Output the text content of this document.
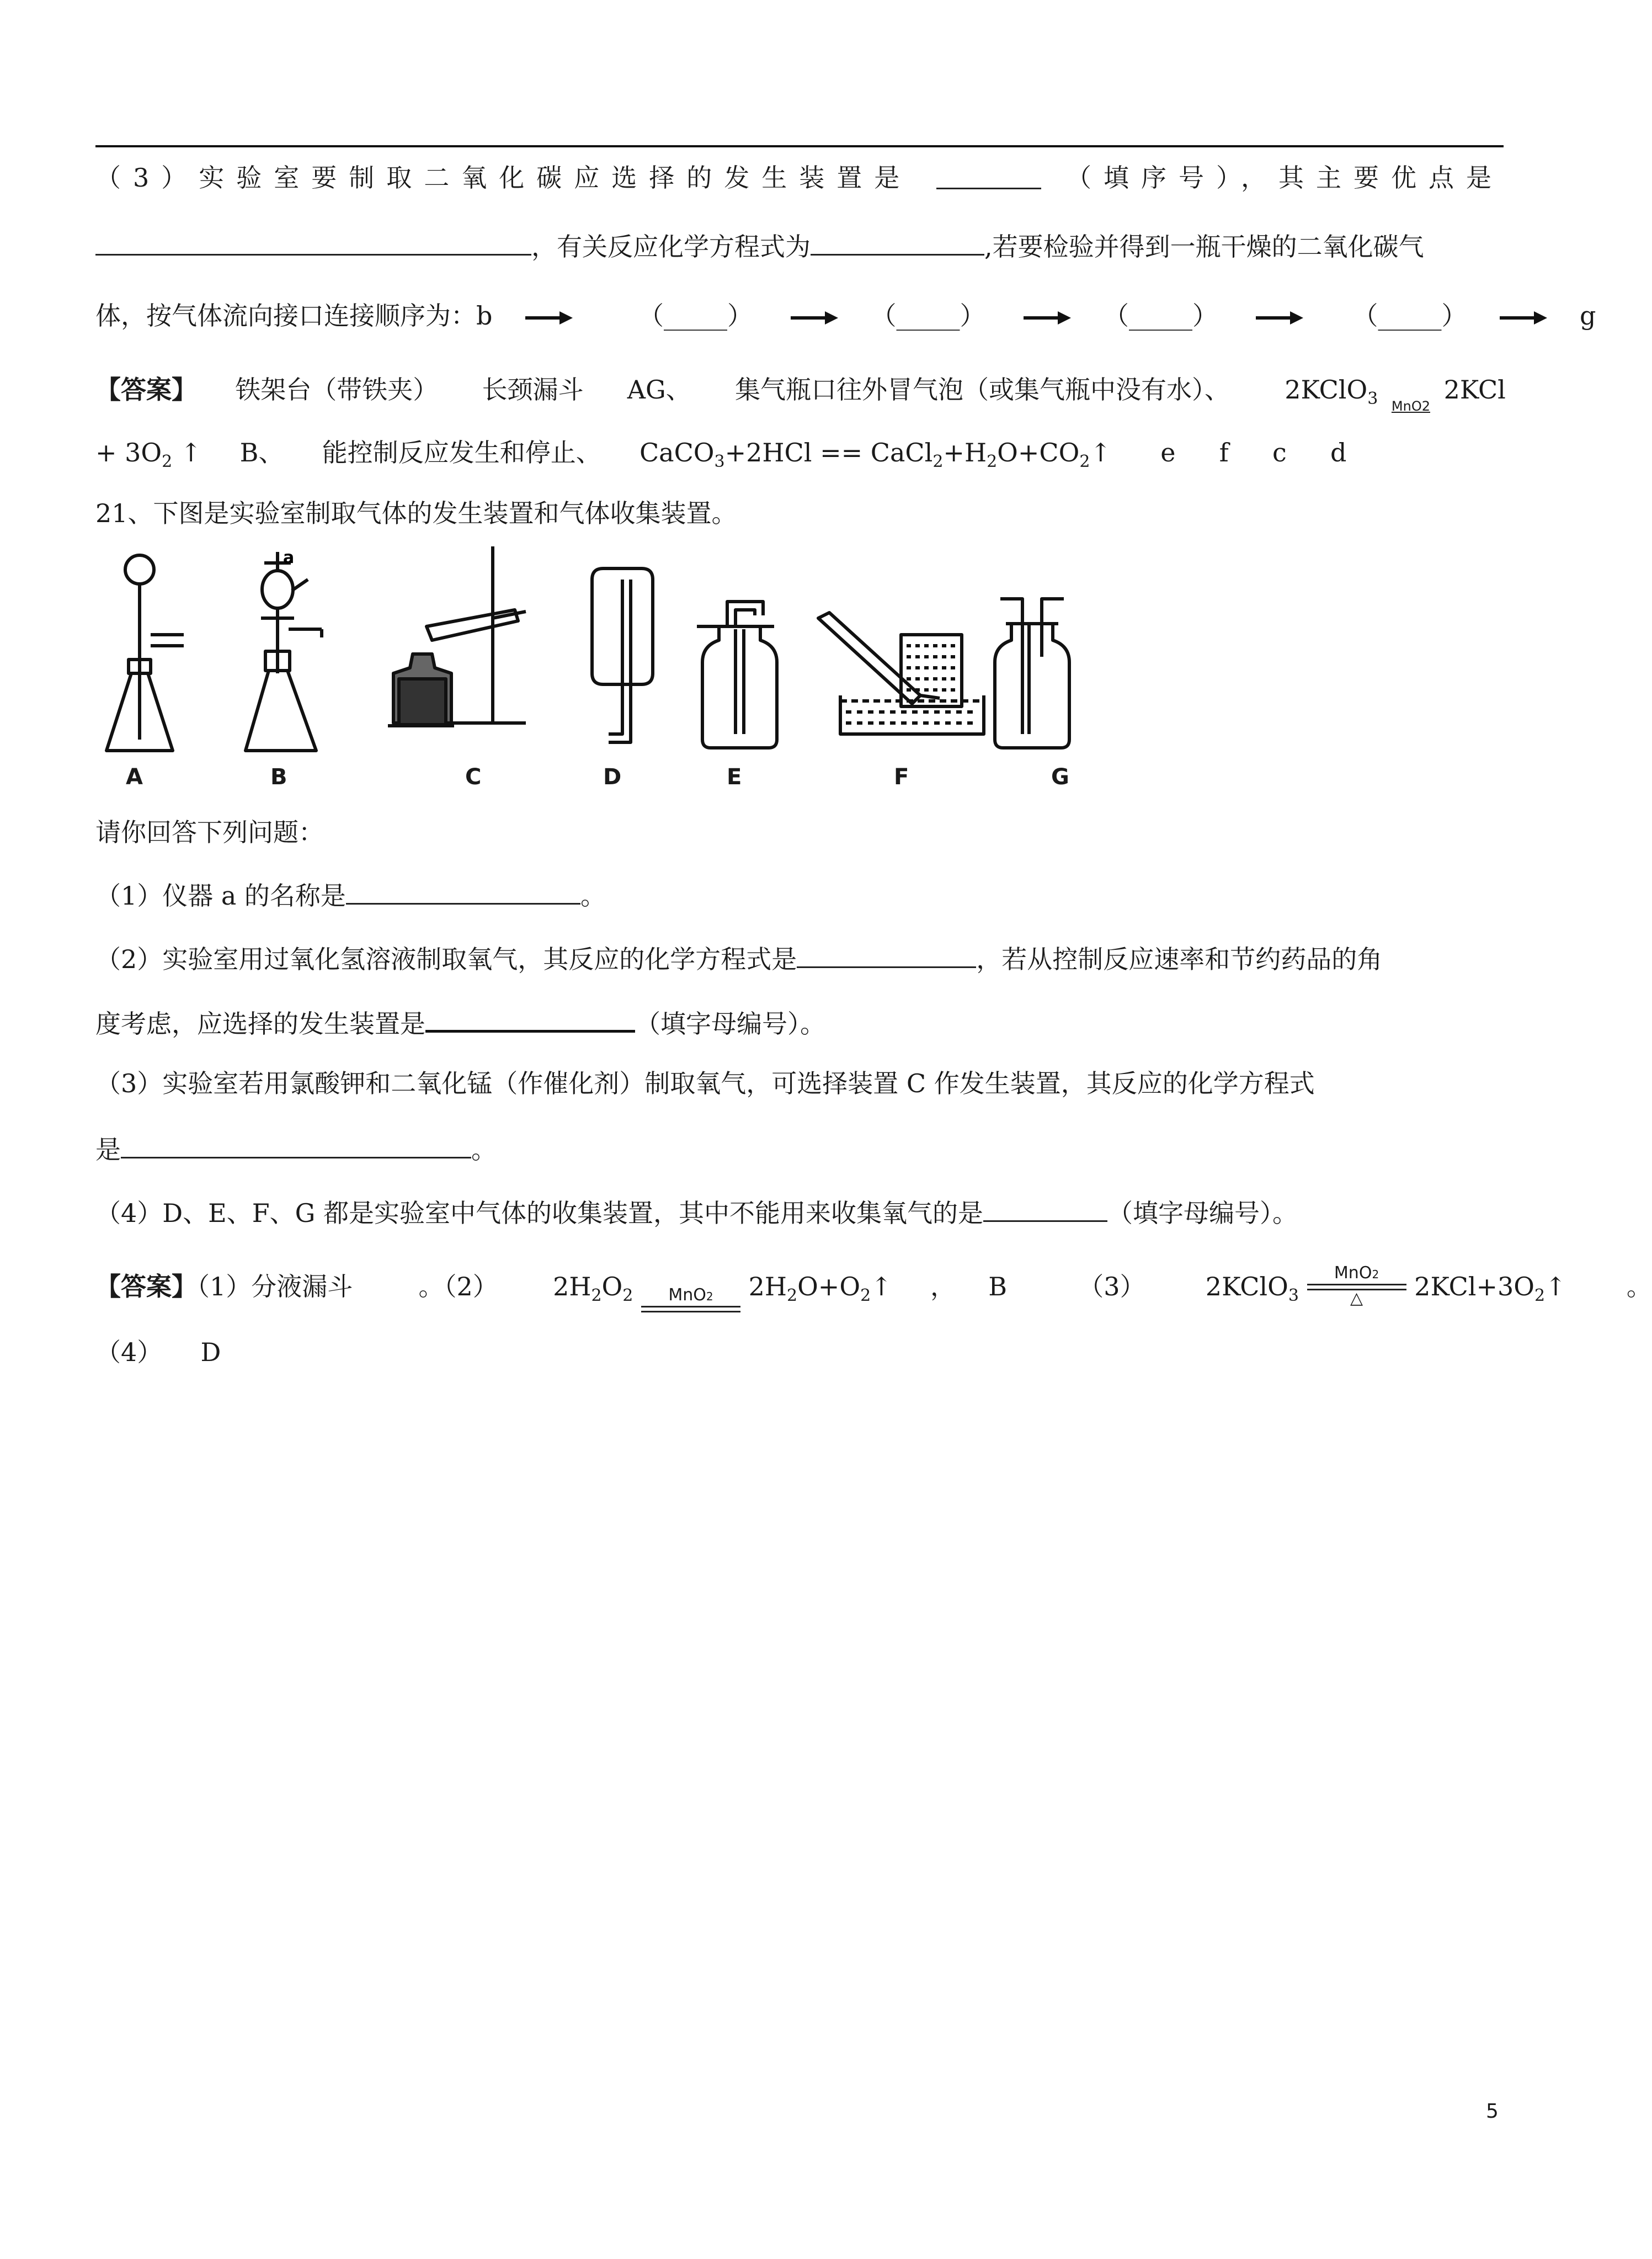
（3）实验室要制取二氧化碳应选择的发生装置是	（填序号），其主要优点是
，有关反应化学方程式为	,若要检验并得到一瓶干燥的二氧化碳气
体，按气体流向接口连接顺序为：b	（_____）	（_____）	（_____）	（_____）	g
【答案】 铁架台（带铁夹） 长颈漏斗 AG、 集气瓶口往外冒气泡（或集气瓶中没有水）、 2KClO$_3$	MnO2
2KCl
+ $3O_2$ ↑ B、 能控制反应发生和停止、 CaCO$_3$+2HCl == $CaCl_2+H_2O+CO_2↑$ e f c d
21、下图是实验室制取气体的发生装置和气体收集装置。
a
A	B	C	D	E	F	G
请你回答下列问题：
（1）仪器 a 的名称是	。
（2）实验室用过氧化氢溶液制取氧气，其反应的化学方程式是	，若从控制反应速率和节约药品的角
度考虑，应选择的发生装置是	（填字母编号）。
（3）实验室若用氯酸钾和二氧化锰（作催化剂）制取氧气，可选择装置 C 作发生装置，其反应的化学方程式
是	。
（4）D、E、F、G 都是实验室中气体的收集装置，其中不能用来收集氧气的是	（填字母编号）。
【答案】（1）分液漏斗	。（2） $2H_2O_2$	MnO2	$2H_2O+O_2↑$ ， B	（3） 2KClO$_3$
MnO2
△	$2KCl+3O_2↑$ 。
（4） D
5
